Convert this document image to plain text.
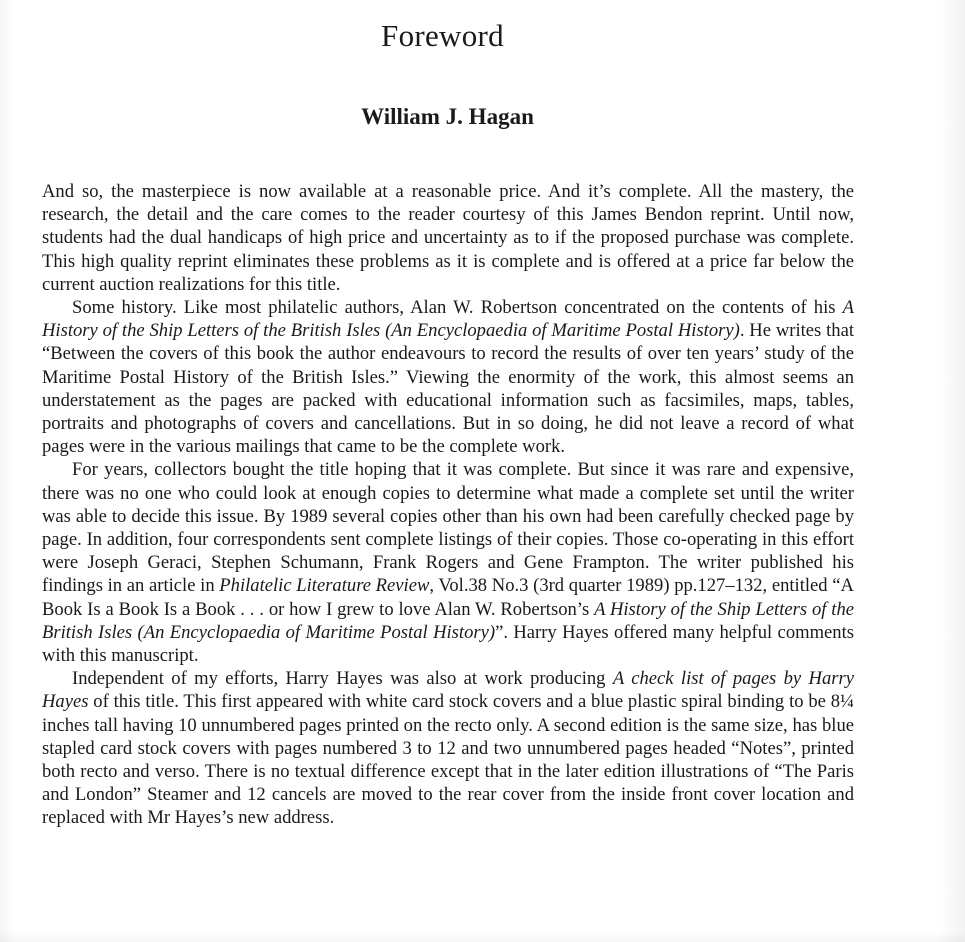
Foreword
William J. Hagan

And so, the masterpiece is now available at a reasonable price. And it’s complete. All the mastery, the research, the detail and the care comes to the reader courtesy of this James Bendon reprint. Until now, students had the dual handicaps of high price and uncertainty as to if the proposed purchase was complete. This high quality reprint eliminates these problems as it is complete and is offered at a price far below the current auction realizations for this title.

Some history. Like most philatelic authors, Alan W. Robertson concentrated on the contents of his A History of the Ship Letters of the British Isles (An Encyclopaedia of Maritime Postal History). He writes that “Between the covers of this book the author endeavours to record the results of over ten years’ study of the Maritime Postal History of the British Isles.” Viewing the enormity of the work, this almost seems an understatement as the pages are packed with educational information such as facsimiles, maps, tables, portraits and photographs of covers and cancellations. But in so doing, he did not leave a record of what pages were in the various mailings that came to be the complete work.

For years, collectors bought the title hoping that it was complete. But since it was rare and expensive, there was no one who could look at enough copies to determine what made a complete set until the writer was able to decide this issue. By 1989 several copies other than his own had been carefully checked page by page. In addition, four correspondents sent complete listings of their copies. Those co-operating in this effort were Joseph Geraci, Stephen Schumann, Frank Rogers and Gene Frampton. The writer published his findings in an article in Philatelic Literature Review, Vol.38 No.3 (3rd quarter 1989) pp.127–132, entitled “A Book Is a Book Is a Book . . . or how I grew to love Alan W. Robertson’s A History of the Ship Letters of the British Isles (An Encyclopaedia of Maritime Postal History)”. Harry Hayes offered many helpful comments with this manuscript.

Independent of my efforts, Harry Hayes was also at work producing A check list of pages by Harry Hayes of this title. This first appeared with white card stock covers and a blue plastic spiral binding to be 8¼ inches tall having 10 unnumbered pages printed on the recto only. A second edition is the same size, has blue stapled card stock covers with pages numbered 3 to 12 and two unnumbered pages headed “Notes”, printed both recto and verso. There is no textual difference except that in the later edition illustrations of “The Paris and London” Steamer and 12 cancels are moved to the rear cover from the inside front cover location and replaced with Mr Hayes’s new address.
